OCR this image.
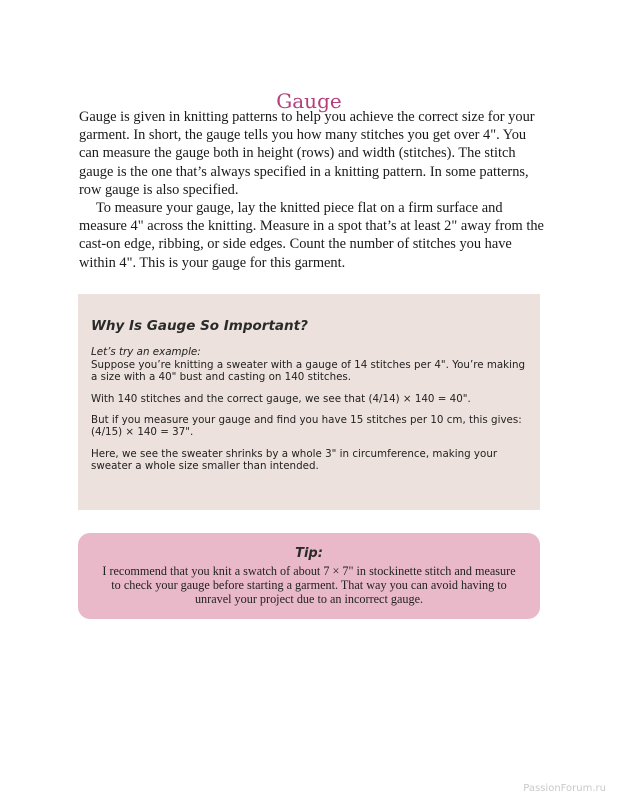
Gauge

Gauge is given in knitting patterns to help you achieve the correct size for your garment. In short, the gauge tells you how many stitches you get over 4". You can measure the gauge both in height (rows) and width (stitches). The stitch gauge is the one that’s always specified in a knitting pattern. In some patterns, row gauge is also specified.

To measure your gauge, lay the knitted piece flat on a firm surface and measure 4" across the knitting. Measure in a spot that’s at least 2" away from the cast-on edge, ribbing, or side edges. Count the number of stitches you have within 4". This is your gauge for this garment.

Why Is Gauge So Important?

Let’s try an example:

Suppose you’re knitting a sweater with a gauge of 14 stitches per 4". You’re making a size with a 40" bust and casting on 140 stitches.

With 140 stitches and the correct gauge, we see that (4/14) × 140 = 40".

But if you measure your gauge and find you have 15 stitches per 10 cm, this gives: (4/15) × 140 = 37".

Here, we see the sweater shrinks by a whole 3" in circumference, making your sweater a whole size smaller than intended.

Tip:

I recommend that you knit a swatch of about 7 × 7" in stockinette stitch and measure to check your gauge before starting a garment. That way you can avoid having to unravel your project due to an incorrect gauge.

PassionForum.ru
